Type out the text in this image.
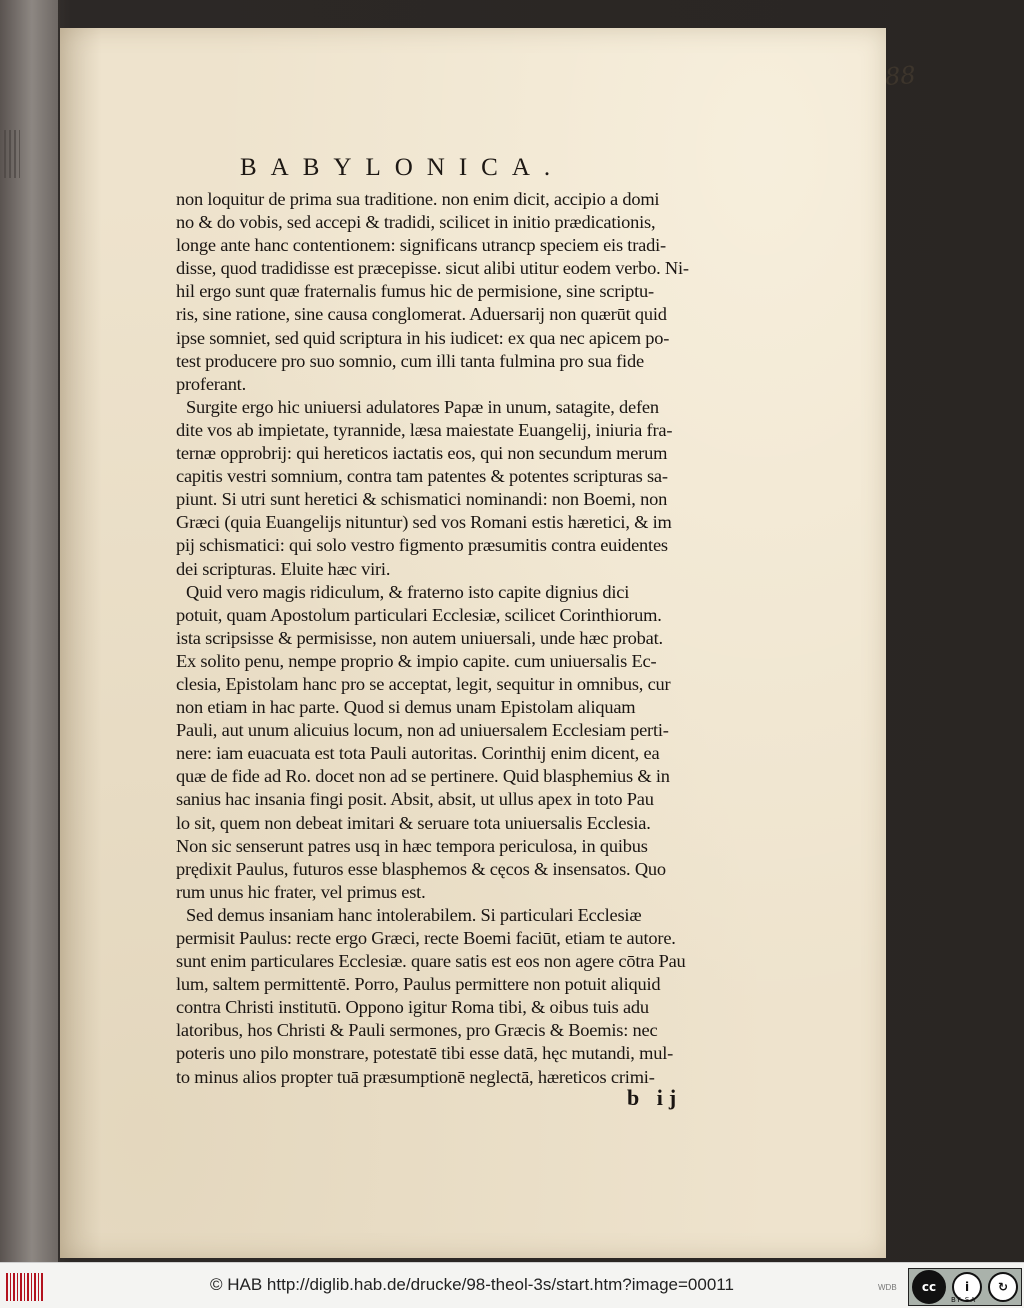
88
BABYLONICA.
non loquitur de prima sua traditione. non enim dicit, accipio a domi
no & do vobis, sed accepi & tradidi, scilicet in initio prædicationis,
longe ante hanc contentionem: significans utrancp speciem eis tradi-
disse, quod tradidisse est præcepisse. sicut alibi utitur eodem verbo. Ni-
hil ergo sunt quæ fraternalis fumus hic de permisione, sine scriptu-
ris, sine ratione, sine causa conglomerat. Aduersarij non quærūt quid
ipse somniet, sed quid scriptura in his iudicet: ex qua nec apicem po-
test producere pro suo somnio, cum illi tanta fulmina pro sua fide
proferant.
Surgite ergo hic uniuersi adulatores Papæ in unum, satagite, defen
dite vos ab impietate, tyrannide, læsa maiestate Euangelij, iniuria fra-
ternæ opprobrij: qui hereticos iactatis eos, qui non secundum merum
capitis vestri somnium, contra tam patentes & potentes scripturas sa-
piunt. Si utri sunt heretici & schismatici nominandi: non Boemi, non
Græci (quia Euangelijs nituntur) sed vos Romani estis hæretici, & im
pij schismatici: qui solo vestro figmento præsumitis contra euidentes
dei scripturas. Eluite hæc viri.
Quid vero magis ridiculum, & fraterno isto capite dignius dici
potuit, quam Apostolum particulari Ecclesiæ, scilicet Corinthiorum.
ista scripsisse & permisisse, non autem uniuersali, unde hæc probat.
Ex solito penu, nempe proprio & impio capite. cum uniuersalis Ec-
clesia, Epistolam hanc pro se acceptat, legit, sequitur in omnibus, cur
non etiam in hac parte. Quod si demus unam Epistolam aliquam
Pauli, aut unum alicuius locum, non ad uniuersalem Ecclesiam perti-
nere: iam euacuata est tota Pauli autoritas. Corinthij enim dicent, ea
quæ de fide ad Ro. docet non ad se pertinere. Quid blasphemius & in
sanius hac insania fingi posit. Absit, absit, ut ullus apex in toto Pau
lo sit, quem non debeat imitari & seruare tota uniuersalis Ecclesia.
Non sic senserunt patres usq in hæc tempora periculosa, in quibus
prędixit Paulus, futuros esse blasphemos & cęcos & insensatos. Quo
rum unus hic frater, vel primus est.
Sed demus insaniam hanc intolerabilem. Si particulari Ecclesiæ
permisit Paulus: recte ergo Græci, recte Boemi faciūt, etiam te autore.
sunt enim particulares Ecclesiæ. quare satis est eos non agere cōtra Pau
lum, saltem permittentē. Porro, Paulus permittere non potuit aliquid
contra Christi institutū. Oppono igitur Roma tibi, & oibus tuis adu
latoribus, hos Christi & Pauli sermones, pro Græcis & Boemis: nec
poteris uno pilo monstrare, potestatē tibi esse datā, hęc mutandi, mul-
to minus alios propter tuā præsumptionē neglectā, hæreticos crimi-
b ij
© HAB http://diglib.hab.de/drucke/98-theol-3s/start.htm?image=00011	WDB	cc	i	↻
BY SA
